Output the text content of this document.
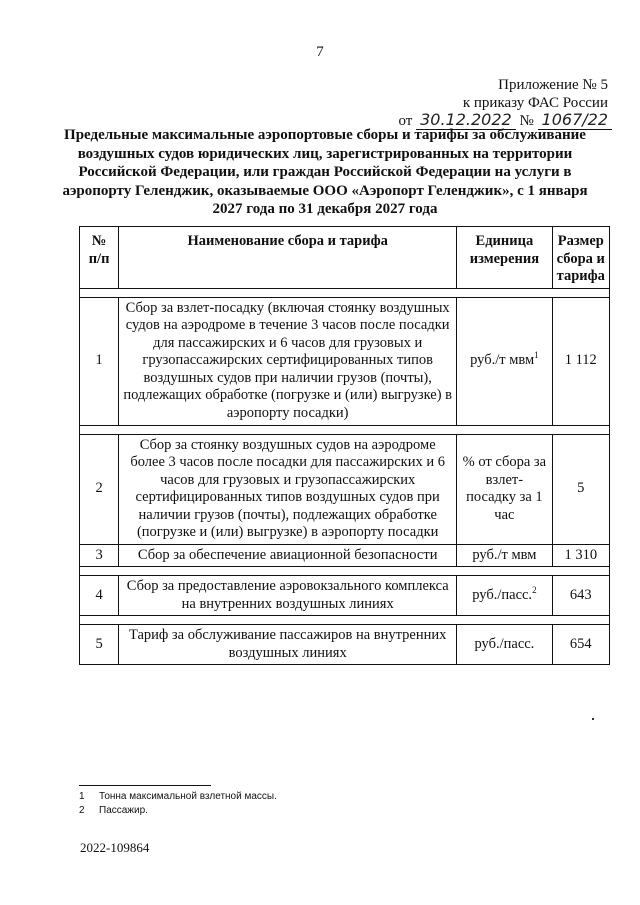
7
Приложение № 5
к приказу ФАС России
от 30.12.2022 № 1067/22
Предельные максимальные аэропортовые сборы и тарифы за обслуживание воздушных судов юридических лиц, зарегистрированных на территории Российской Федерации, или граждан Российской Федерации на услуги в аэропорту Геленджик, оказываемые ООО «Аэропорт Геленджик», с 1 января 2027 года по 31 декабря 2027 года
№ п/п	Наименование сбора и тарифа	Единица измерения	Размер сбора и тарифа

1	Сбор за взлет-посадку (включая стоянку воздушных судов на аэродроме в течение 3 часов после посадки для пассажирских и 6 часов для грузовых и грузопассажирских сертифицированных типов воздушных судов при наличии грузов (почты), подлежащих обработке (погрузке и (или) выгрузке) в аэропорту посадки)	руб./т мвм$^1$	1 112

2	Сбор за стоянку воздушных судов на аэродроме более 3 часов после посадки для пассажирских и 6 часов для грузовых и грузопассажирских сертифицированных типов воздушных судов при наличии грузов (почты), подлежащих обработке (погрузке и (или) выгрузке) в аэропорту посадки	% от сбора за взлет-посадку за 1 час	5
3	Сбор за обеспечение авиационной безопасности	руб./т мвм	1 310

4	Сбор за предоставление аэровокзального комплекса на внутренних воздушных линиях	руб./пасс.$^2$	643

5	Тариф за обслуживание пассажиров на внутренних воздушных линиях	руб./пасс.	654
1 Тонна максимальной взлетной массы.
2 Пассажир.
2022-109864
